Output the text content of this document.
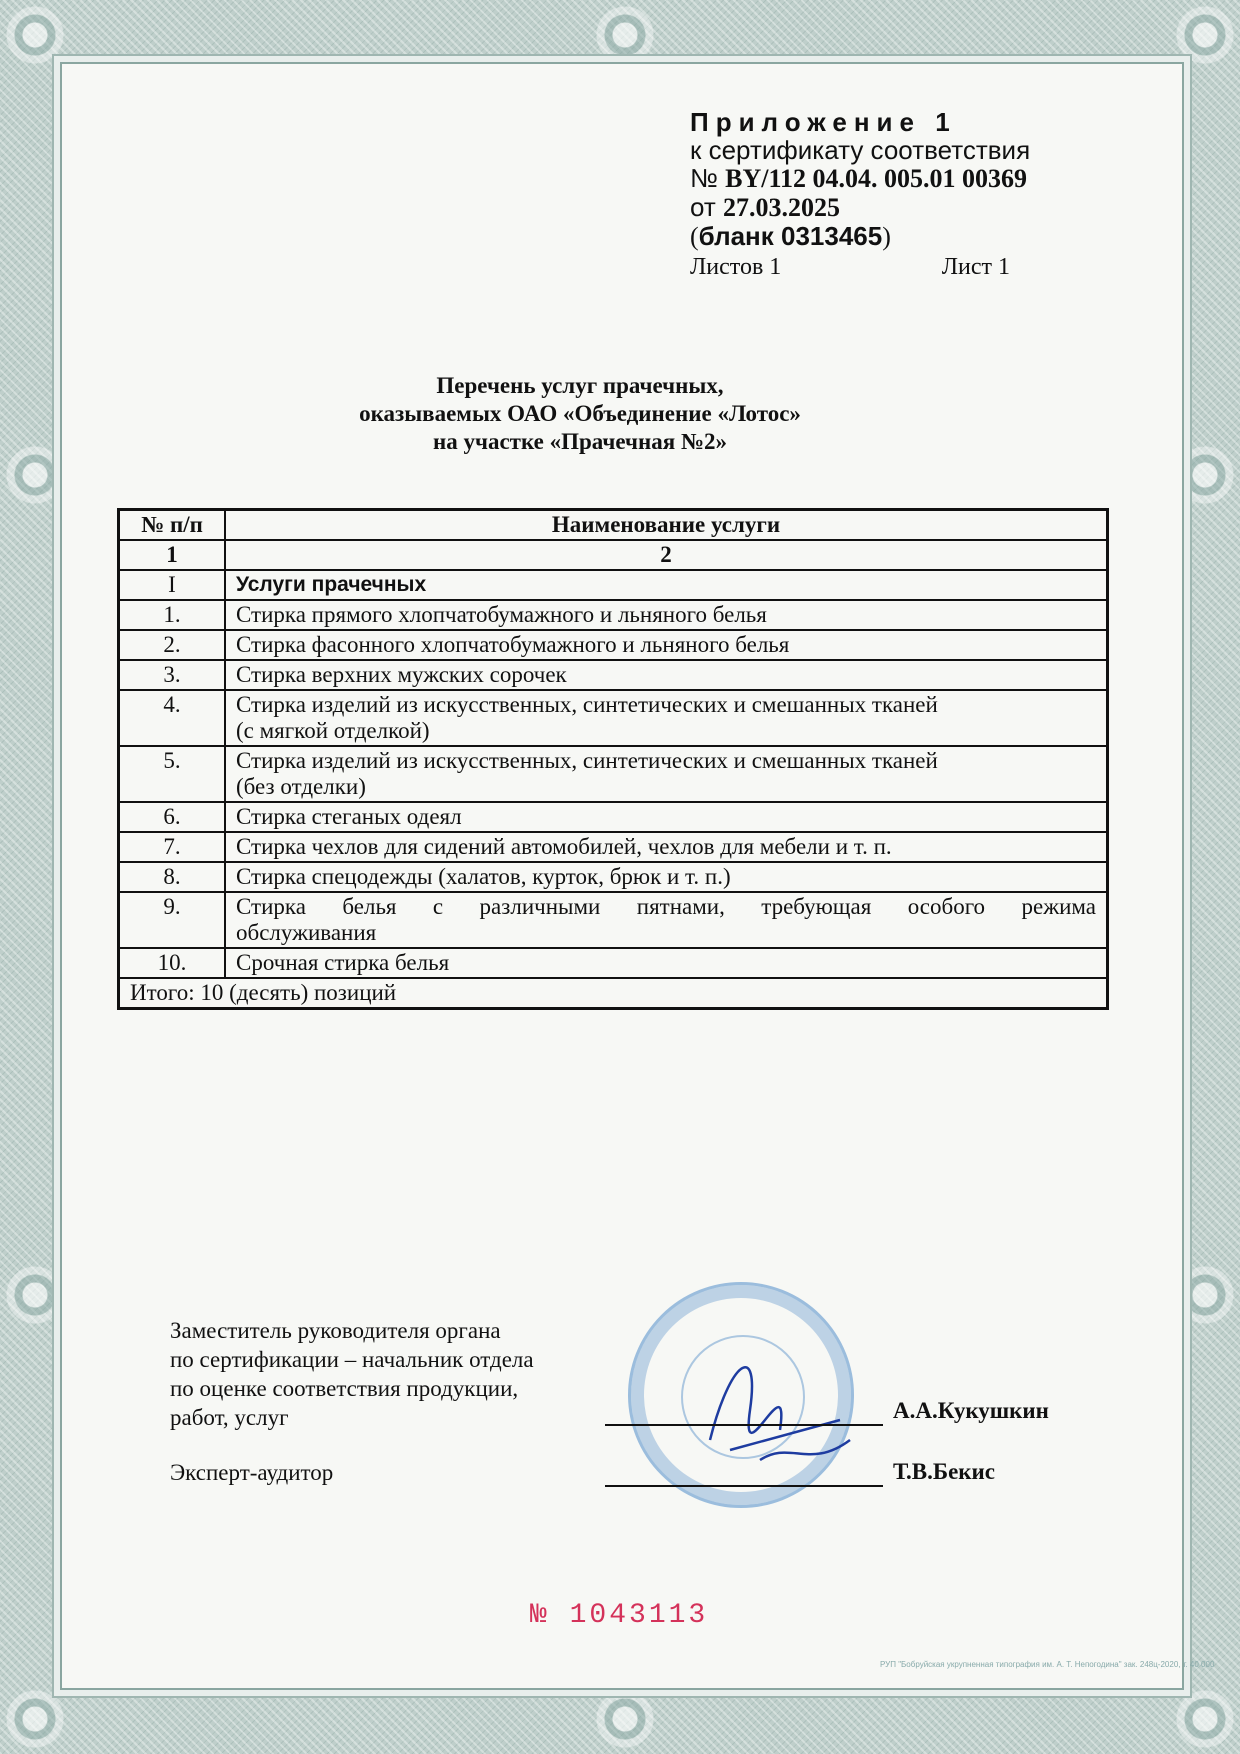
Приложение 1
к сертификату соответствия
№ BY/112 04.04. 005.01 00369
от 27.03.2025
(бланк 0313465)
Листов 1	Лист 1
Перечень услуг прачечных,
оказываемых ОАО «Объединение «Лотос»
на участке «Прачечная №2»
№ п/п	Наименование услуги
1	2
I	Услуги прачечных
1.	Стирка прямого хлопчатобумажного и льняного белья
2.	Стирка фасонного хлопчатобумажного и льняного белья
3.	Стирка верхних мужских сорочек
4.	Стирка изделий из искусственных, синтетических и смешанных тканей
(с мягкой отделкой)

5.	Стирка изделий из искусственных, синтетических и смешанных тканей
(без отделки)

6.	Стирка стеганых одеял
7.	Стирка чехлов для сидений автомобилей, чехлов для мебели и т. п.
8.	Стирка спецодежды (халатов, курток, брюк и т. п.)
9.	Стирка белья с различными пятнами, требующая особого режима
обслуживания

10.	Срочная стирка белья
Итого: 10 (десять) позиций	
Заместитель руководителя органа
по сертификации – начальник отдела
по оценке соответствия продукции,
работ, услуг
Эксперт-аудитор
А.А.Кукушкин
Т.В.Бекис
№ 1043113
РУП "Бобруйская укрупненная типография им. А. Т. Непогодина" зак. 248ц-2020, т. 40 000
